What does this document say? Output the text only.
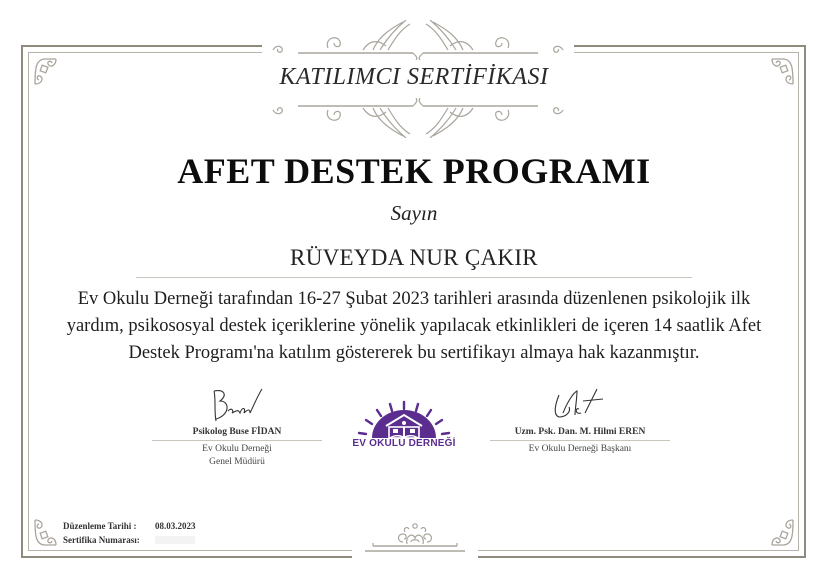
KATILIMCI SERTİFİKASI
AFET DESTEK PROGRAMI
Sayın
RÜVEYDA NUR ÇAKIR
Ev Okulu Derneği tarafından 16-27 Şubat 2023 tarihleri arasında düzenlenen psikolojik ilk yardım, psikososyal destek içeriklerine yönelik yapılacak etkinlikleri de içeren 14 saatlik Afet Destek Programı'na katılım göstererek bu sertifikayı almaya hak kazanmıştır.
Psikolog Buse FİDAN
Ev Okulu Derneği
Genel Müdürü
EV OKULU DERNEĞİ
Uzm. Psk. Dan. M. Hilmi EREN
Ev Okulu Derneği Başkanı
Düzenleme Tarihi :	08.03.2023
Sertifika Numarası:
